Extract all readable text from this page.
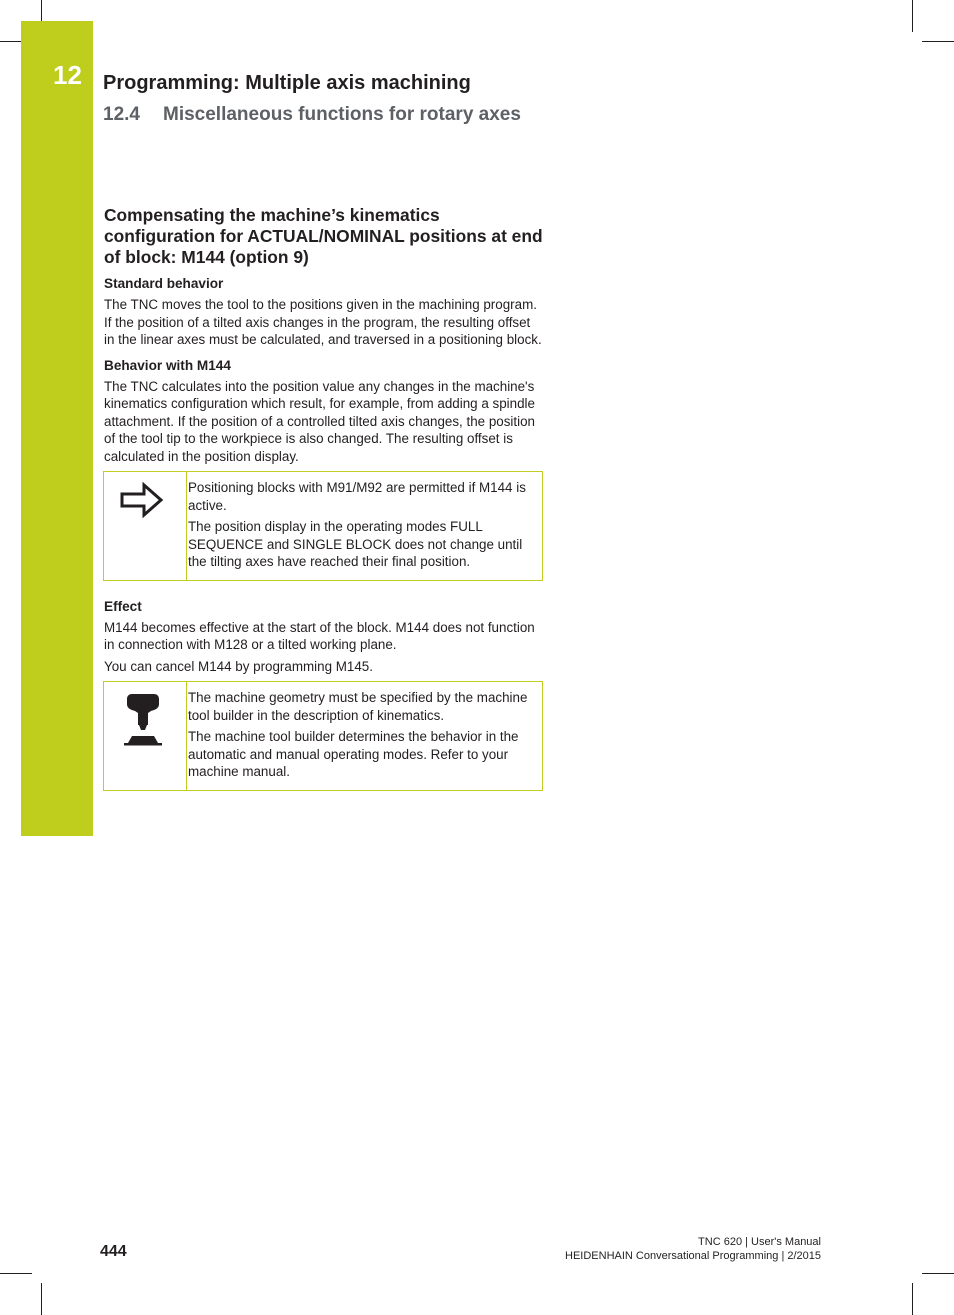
12 Programming: Multiple axis machining
12.4 Miscellaneous functions for rotary axes
Compensating the machine’s kinematics configuration for ACTUAL/NOMINAL positions at end of block: M144 (option 9)
Standard behavior

The TNC moves the tool to the positions given in the machining program. If the position of a tilted axis changes in the program, the resulting offset in the linear axes must be calculated, and traversed in a positioning block.

Behavior with M144

The TNC calculates into the position value any changes in the machine's kinematics configuration which result, for example, from adding a spindle attachment. If the position of a controlled tilted axis changes, the position of the tool tip to the workpiece is also changed. The resulting offset is calculated in the position display.

Positioning blocks with M91/M92 are permitted if M144 is active.

The position display in the operating modes FULL SEQUENCE and SINGLE BLOCK does not change until the tilting axes have reached their final position.

Effect

M144 becomes effective at the start of the block. M144 does not function in connection with M128 or a tilted working plane.

You can cancel M144 by programming M145.

The machine geometry must be specified by the machine tool builder in the description of kinematics.

The machine tool builder determines the behavior in the automatic and manual operating modes. Refer to your machine manual.

444
TNC 620 | User's Manual
HEIDENHAIN Conversational Programming | 2/2015
